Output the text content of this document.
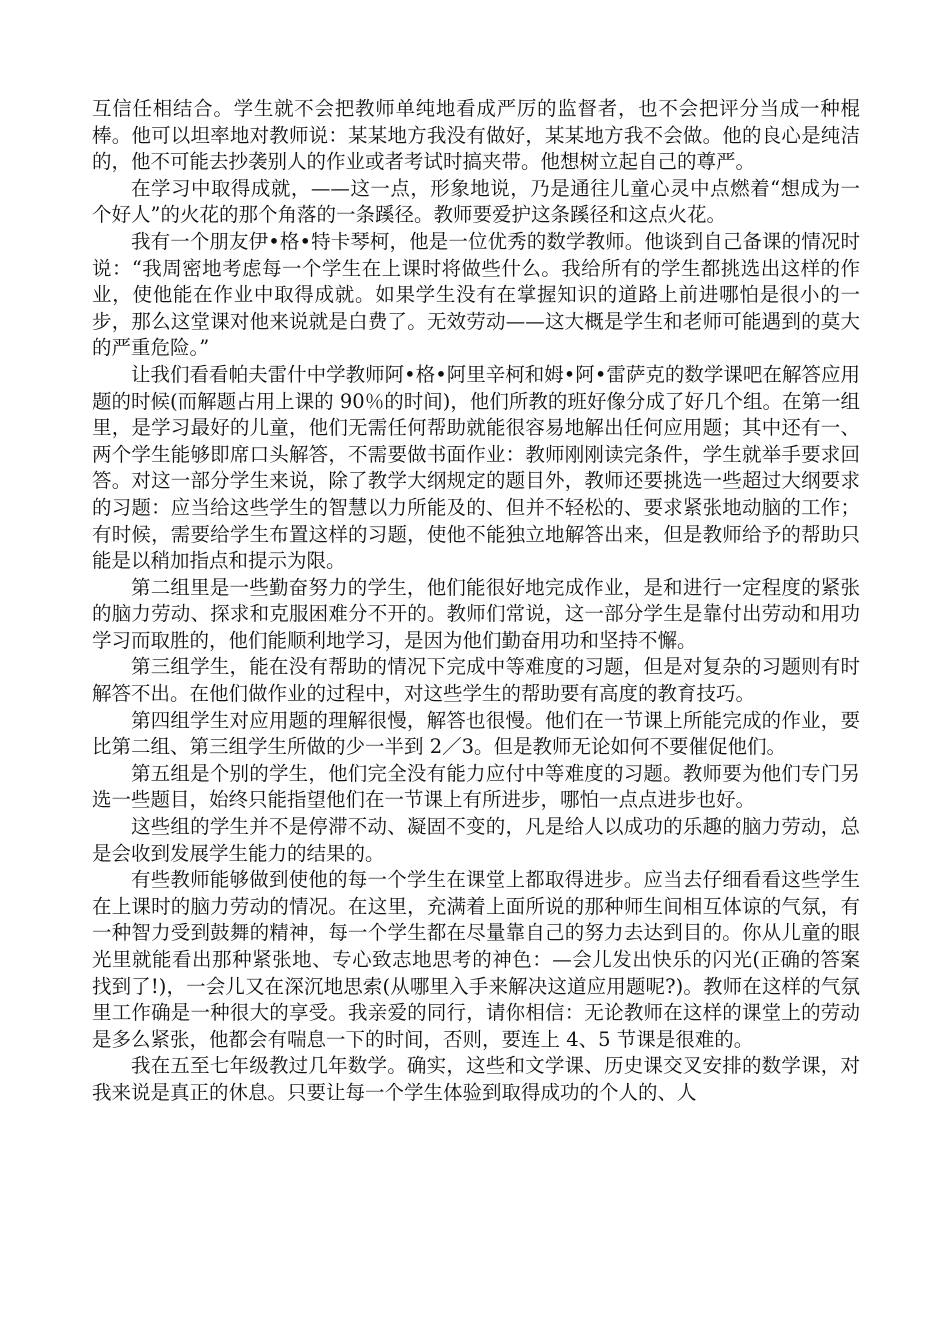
互信任相结合。学生就不会把教师单纯地看成严厉的监督者，也不会把评分当成一种棍棒。他可以坦率地对教师说：某某地方我没有做好，某某地方我不会做。他的良心是纯洁的，他不可能去抄袭别人的作业或者考试时搞夹带。他想树立起自己的尊严。

在学习中取得成就，——这一点，形象地说，乃是通往儿童心灵中点燃着“想成为一个好人”的火花的那个角落的一条蹊径。教师要爱护这条蹊径和这点火花。

我有一个朋友伊•格•特卡琴柯，他是一位优秀的数学教师。他谈到自己备课的情况时说：“我周密地考虑每一个学生在上课时将做些什么。我给所有的学生都挑选出这样的作业，使他能在作业中取得成就。如果学生没有在掌握知识的道路上前进哪怕是很小的一步，那么这堂课对他来说就是白费了。无效劳动——这大概是学生和老师可能遇到的莫大的严重危险。”

让我们看看帕夫雷什中学教师阿•格•阿里辛柯和姆•阿•雷萨克的数学课吧在解答应用题的时候(而解题占用上课的 90％的时间)，他们所教的班好像分成了好几个组。在第一组里，是学习最好的儿童，他们无需任何帮助就能很容易地解出任何应用题；其中还有一、两个学生能够即席口头解答，不需要做书面作业：教师刚刚读完条件，学生就举手要求回答。对这一部分学生来说，除了教学大纲规定的题目外，教师还要挑选一些超过大纲要求的习题：应当给这些学生的智慧以力所能及的、但并不轻松的、要求紧张地动脑的工作；有时候，需要给学生布置这样的习题，使他不能独立地解答出来，但是教师给予的帮助只能是以稍加指点和提示为限。

第二组里是一些勤奋努力的学生，他们能很好地完成作业，是和进行一定程度的紧张的脑力劳动、探求和克服困难分不开的。教师们常说，这一部分学生是靠付出劳动和用功学习而取胜的，他们能顺利地学习，是因为他们勤奋用功和坚持不懈。

第三组学生，能在没有帮助的情况下完成中等难度的习题，但是对复杂的习题则有时解答不出。在他们做作业的过程中，对这些学生的帮助要有高度的教育技巧。

第四组学生对应用题的理解很慢，解答也很慢。他们在一节课上所能完成的作业，要比第二组、第三组学生所做的少一半到 2／3。但是教师无论如何不要催促他们。

第五组是个别的学生，他们完全没有能力应付中等难度的习题。教师要为他们专门另选一些题目，始终只能指望他们在一节课上有所进步，哪怕一点点进步也好。

这些组的学生并不是停滞不动、凝固不变的，凡是给人以成功的乐趣的脑力劳动，总是会收到发展学生能力的结果的。

有些教师能够做到使他的每一个学生在课堂上都取得进步。应当去仔细看看这些学生在上课时的脑力劳动的情况。在这里，充满着上面所说的那种师生间相互体谅的气氛，有一种智力受到鼓舞的精神，每一个学生都在尽量靠自己的努力去达到目的。你从儿童的眼光里就能看出那种紧张地、专心致志地思考的神色：—会儿发出快乐的闪光(正确的答案找到了!)，一会儿又在深沉地思索(从哪里入手来解决这道应用题呢?)。教师在这样的气氛里工作确是一种很大的享受。我亲爱的同行，请你相信：无论教师在这样的课堂上的劳动是多么紧张，他都会有喘息一下的时间，否则，要连上 4、5 节课是很难的。

我在五至七年级教过几年数学。确实，这些和文学课、历史课交叉安排的数学课，对我来说是真正的休息。只要让每一个学生体验到取得成功的个人的、人
